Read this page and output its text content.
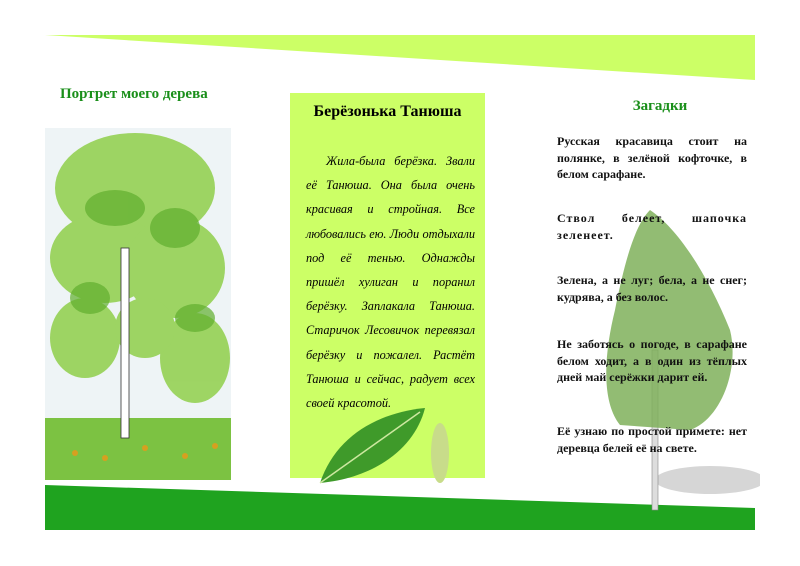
Портрет моего дерева
Берёзонька Танюша
Жила-была берёзка. Звали её Танюша. Она была очень красивая и стройная. Все любовались ею. Люди отдыхали под её тенью. Однажды пришёл хулиган и поранил берёзку. Заплакала Танюша. Старичок Лесовичок перевязал берёзку и пожалел. Растёт Танюша и сейчас, радует всех своей красотой.
Загадки
Русская красавица стоит на полянке, в зелёной кофточке, в белом сарафане.
Ствол белеет, шапочка зеленеет.
Зелена, а не луг; бела, а не снег; кудрява, а без волос.
Не заботясь о погоде, в сарафане белом ходит, а в один из тёплых дней май серёжки дарит ей.
Её узнаю по простой примете: нет деревца белей её на свете.
